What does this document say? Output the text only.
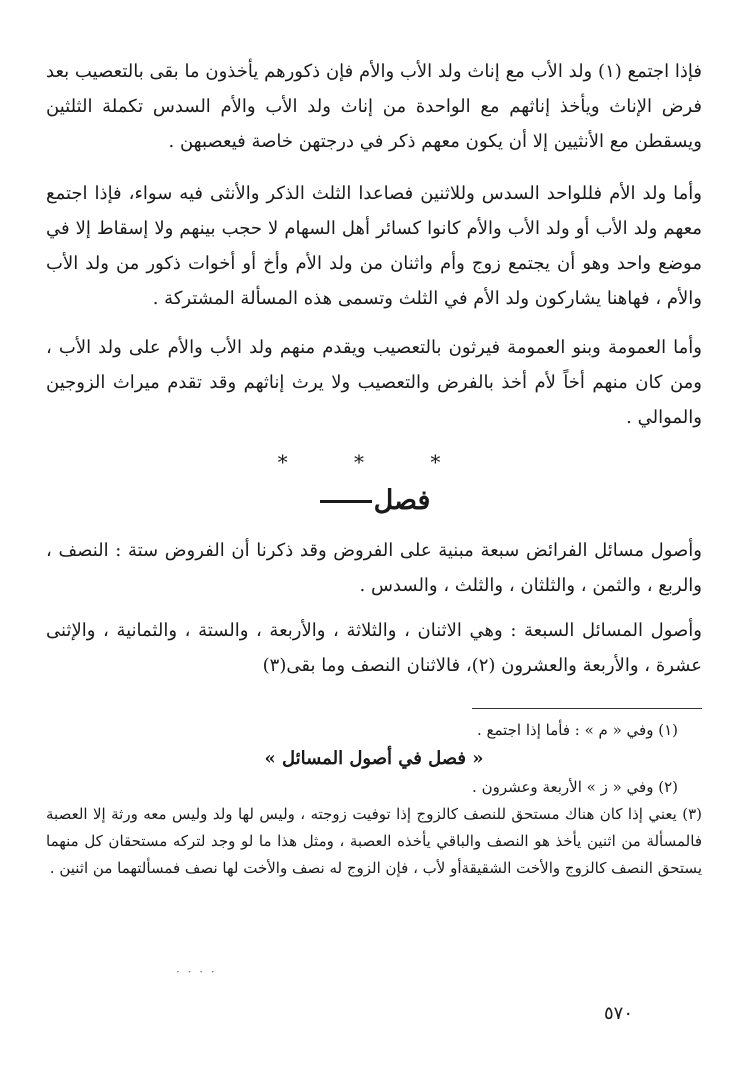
فإذا اجتمع (١) ولد الأب مع إناث ولد الأب والأم فإن ذكورهم يأخذون ما بقى بالتعصيب بعد فرض الإناث ويأخذ إناثهم مع الواحدة من إناث ولد الأب والأم السدس تكملة الثلثين ويسقطن مع الأنثيين إلا أن يكون معهم ذكر في درجتهن خاصة فيعصبهن .

وأما ولد الأم فللواحد السدس وللاثنين فصاعدا الثلث الذكر والأنثى فيه سواء، فإذا اجتمع معهم ولد الأب أو ولد الأب والأم كانوا كسائر أهل السهام لا حجب بينهم ولا إسقاط إلا في موضع واحد وهو أن يجتمع زوج وأم واثنان من ولد الأم وأخ أو أخوات ذكور من ولد الأب والأم ، فهاهنا يشاركون ولد الأم في الثلث وتسمى هذه المسألة المشتركة .

وأما العمومة وبنو العمومة فيرثون بالتعصيب ويقدم منهم ولد الأب والأم على ولد الأب ، ومن كان منهم أخاً لأم أخذ بالفرض والتعصيب ولا يرث إناثهم وقد تقدم ميراث الزوجين والموالي .

* * *
فصل

وأصول مسائل الفرائض سبعة مبنية على الفروض وقد ذكرنا أن الفروض ستة : النصف ، والربع ، والثمن ، والثلثان ، والثلث ، والسدس .

وأصول المسائل السبعة : وهي الاثنان ، والثلاثة ، والأربعة ، والستة ، والثمانية ، والإثنى عشرة ، والأربعة والعشرون (٢)، فالاثنان النصف وما بقى(٣)

(١) وفي « م » : فأما إذا اجتمع .

« فصل في أصول المسائل »

(٢) وفي « ز » الأربعة وعشرون .

(٣) يعني إذا كان هناك مستحق للنصف كالزوج إذا توفيت زوجته ، وليس لها ولد وليس معه ورثة إلا العصبة فالمسألة من اثنين يأخذ هو النصف والباقي يأخذه العصبة ، ومثل هذا ما لو وجد لتركه مستحقان كل منهما يستحق النصف كالزوج والأخت الشقيقةأو لأب ، فإن الزوج له نصف والأخت لها نصف فمسألتهما من اثنين .

· · · ·
٥٧٠
